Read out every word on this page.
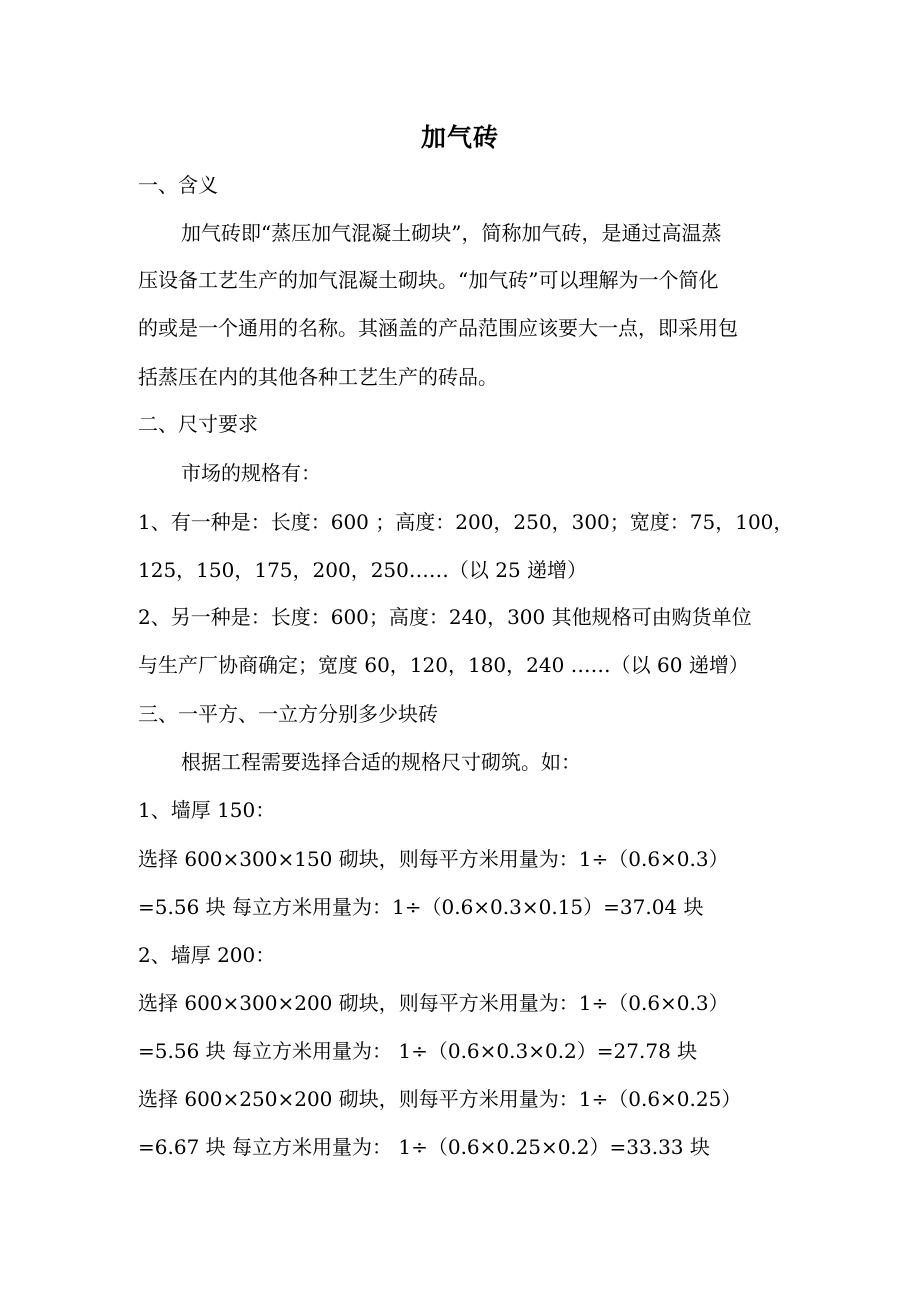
加气砖

一、含义

加气砖即“蒸压加气混凝土砌块”，简称加气砖，是通过高温蒸

压设备工艺生产的加气混凝土砌块。“加气砖”可以理解为一个简化

的或是一个通用的名称。其涵盖的产品范围应该要大一点，即采用包

括蒸压在内的其他各种工艺生产的砖品。

二、尺寸要求

市场的规格有：

1、有一种是：长度：600 ；高度：200，250，300；宽度：75，100，

125，150，175，200，250……（以 25 递增）

2、另一种是：长度：600；高度：240，300 其他规格可由购货单位

与生产厂协商确定；宽度 60，120，180，240 ……（以 60 递增）

三、一平方、一立方分别多少块砖

根据工程需要选择合适的规格尺寸砌筑。如：

1、墙厚 150：

选择 600×300×150 砌块，则每平方米用量为：1÷（0.6×0.3）

=5.56 块 每立方米用量为：1÷（0.6×0.3×0.15）=37.04 块

2、墙厚 200：

选择 600×300×200 砌块，则每平方米用量为：1÷（0.6×0.3）

=5.56 块 每立方米用量为： 1÷（0.6×0.3×0.2）=27.78 块

选择 600×250×200 砌块，则每平方米用量为：1÷（0.6×0.25）

=6.67 块 每立方米用量为： 1÷（0.6×0.25×0.2）=33.33 块
